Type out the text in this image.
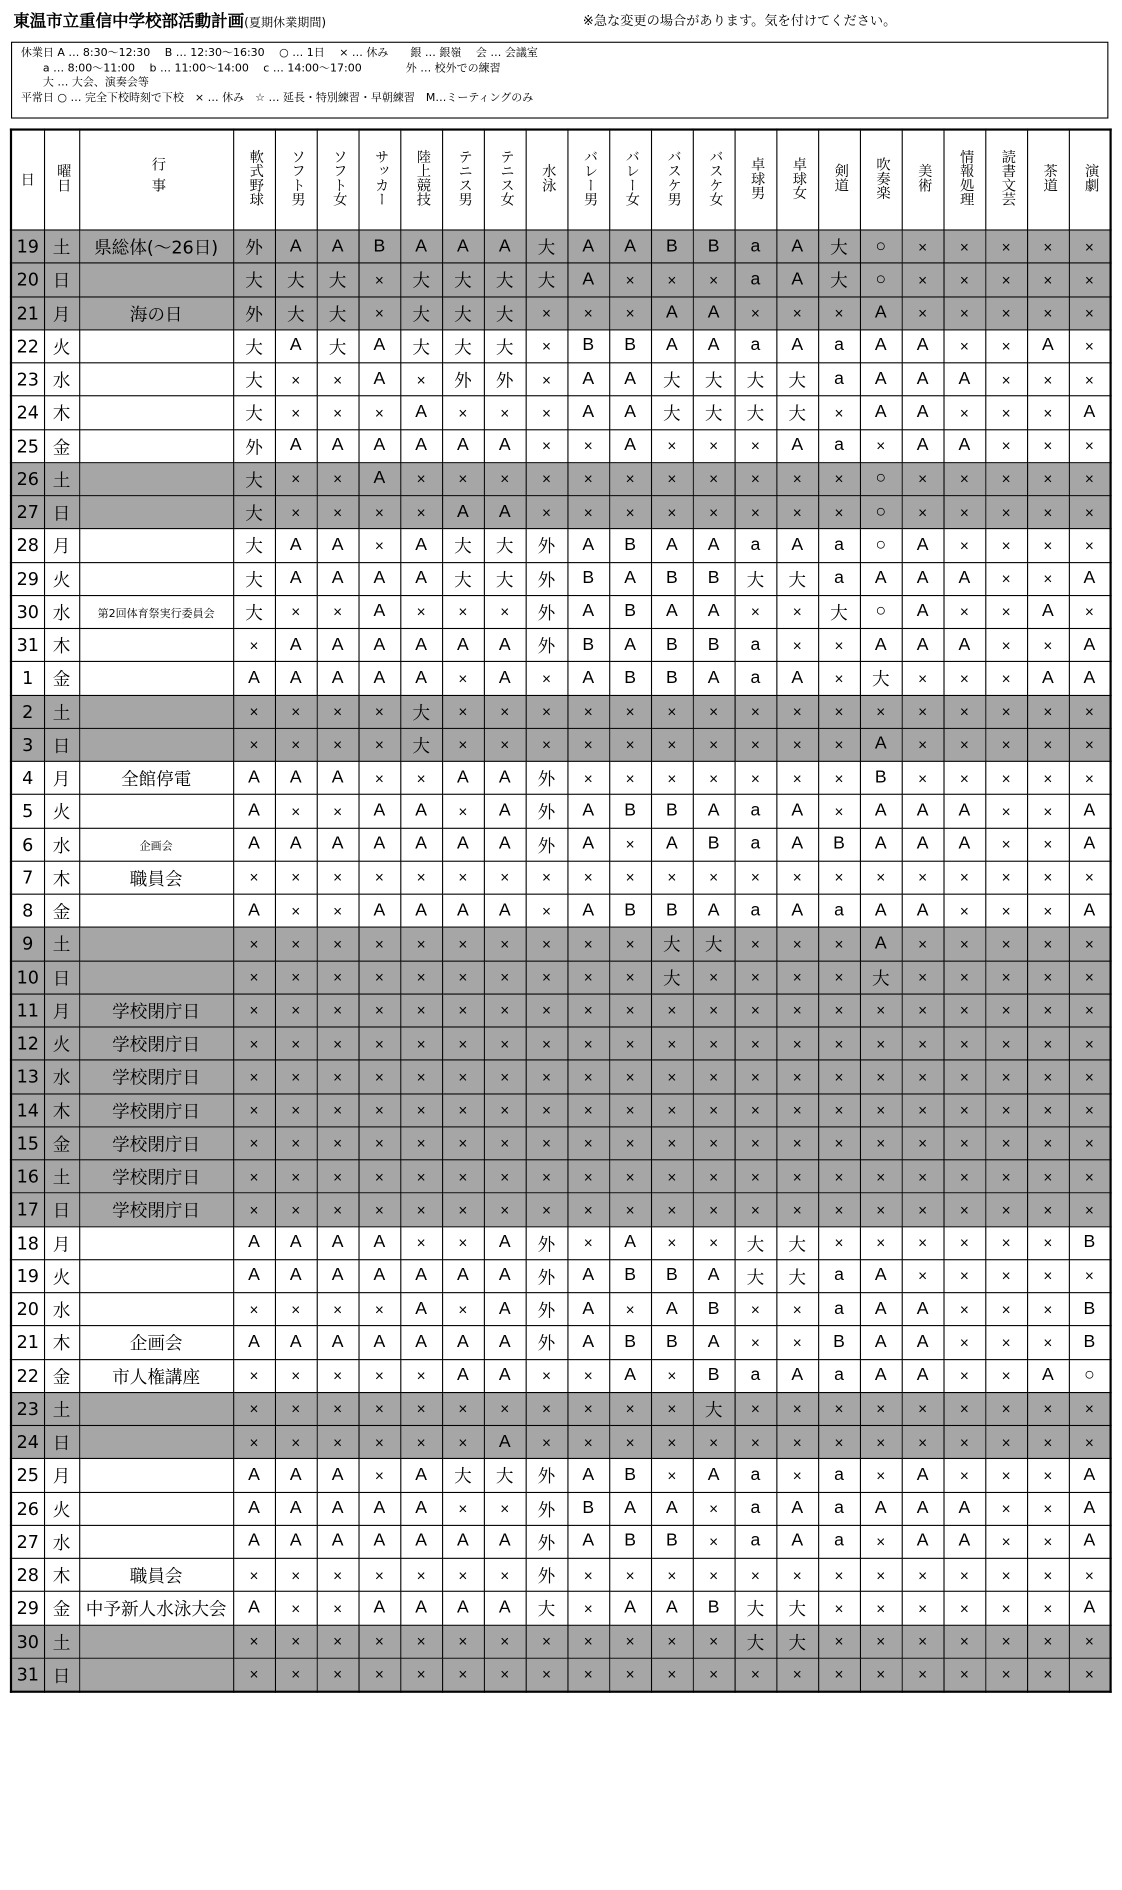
東温市立重信中学校部活動計画(夏期休業期間)	※急な変更の場合があります。気を付けてください。
休業日 A … 8:30～12:30　 B … 12:30～16:30　 ○ … 1日　 × … 休み　　銀 … 銀嶺　 会 … 会議室
　　a … 8:00～11:00　 b … 11:00～14:00　 c … 14:00～17:00　　　　外 … 校外での練習
　　大 … 大会、演奏会等
平常日 ○ … 完全下校時刻で下校　× … 休み　☆ … 延長・特別練習・早朝練習　M…ミーティングのみ
日	曜日	行事	軟式野球	ソフト男	ソフト女	サッカー	陸上競技	テニス男	テニス女	水泳	バレー男	バレー女	バスケ男	バスケ女	卓球男	卓球女	剣道	吹奏楽	美術	情報処理	読書文芸	茶道	演劇
19	土	県総体(～26日)	外	A	A	B	A	A	A	大	A	A	B	B	a	A	大	○	×	×	×	×	×
20	日		大	大	大	×	大	大	大	大	A	×	×	×	a	A	大	○	×	×	×	×	×
21	月	海の日	外	大	大	×	大	大	大	×	×	×	A	A	×	×	×	A	×	×	×	×	×
22	火		大	A	大	A	大	大	大	×	B	B	A	A	a	A	a	A	A	×	×	A	×
23	水		大	×	×	A	×	外	外	×	A	A	大	大	大	大	a	A	A	A	×	×	×
24	木		大	×	×	×	A	×	×	×	A	A	大	大	大	大	×	A	A	×	×	×	A
25	金		外	A	A	A	A	A	A	×	×	A	×	×	×	A	a	×	A	A	×	×	×
26	土		大	×	×	A	×	×	×	×	×	×	×	×	×	×	×	○	×	×	×	×	×
27	日		大	×	×	×	×	A	A	×	×	×	×	×	×	×	×	○	×	×	×	×	×
28	月		大	A	A	×	A	大	大	外	A	B	A	A	a	A	a	○	A	×	×	×	×
29	火		大	A	A	A	A	大	大	外	B	A	B	B	大	大	a	A	A	A	×	×	A
30	水	第2回体育祭実行委員会	大	×	×	A	×	×	×	外	A	B	A	A	×	×	大	○	A	×	×	A	×
31	木		×	A	A	A	A	A	A	外	B	A	B	B	a	×	×	A	A	A	×	×	A
1	金		A	A	A	A	A	×	A	×	A	B	B	A	a	A	×	大	×	×	×	A	A
2	土		×	×	×	×	大	×	×	×	×	×	×	×	×	×	×	×	×	×	×	×	×
3	日		×	×	×	×	大	×	×	×	×	×	×	×	×	×	×	A	×	×	×	×	×
4	月	全館停電	A	A	A	×	×	A	A	外	×	×	×	×	×	×	×	B	×	×	×	×	×
5	火		A	×	×	A	A	×	A	外	A	B	B	A	a	A	×	A	A	A	×	×	A
6	水	企画会	A	A	A	A	A	A	A	外	A	×	A	B	a	A	B	A	A	A	×	×	A
7	木	職員会	×	×	×	×	×	×	×	×	×	×	×	×	×	×	×	×	×	×	×	×	×
8	金		A	×	×	A	A	A	A	×	A	B	B	A	a	A	a	A	A	×	×	×	A
9	土		×	×	×	×	×	×	×	×	×	×	大	大	×	×	×	A	×	×	×	×	×
10	日		×	×	×	×	×	×	×	×	×	×	大	×	×	×	×	大	×	×	×	×	×
11	月	学校閉庁日	×	×	×	×	×	×	×	×	×	×	×	×	×	×	×	×	×	×	×	×	×
12	火	学校閉庁日	×	×	×	×	×	×	×	×	×	×	×	×	×	×	×	×	×	×	×	×	×
13	水	学校閉庁日	×	×	×	×	×	×	×	×	×	×	×	×	×	×	×	×	×	×	×	×	×
14	木	学校閉庁日	×	×	×	×	×	×	×	×	×	×	×	×	×	×	×	×	×	×	×	×	×
15	金	学校閉庁日	×	×	×	×	×	×	×	×	×	×	×	×	×	×	×	×	×	×	×	×	×
16	土	学校閉庁日	×	×	×	×	×	×	×	×	×	×	×	×	×	×	×	×	×	×	×	×	×
17	日	学校閉庁日	×	×	×	×	×	×	×	×	×	×	×	×	×	×	×	×	×	×	×	×	×
18	月		A	A	A	A	×	×	A	外	×	A	×	×	大	大	×	×	×	×	×	×	B
19	火		A	A	A	A	A	A	A	外	A	B	B	A	大	大	a	A	×	×	×	×	×
20	水		×	×	×	×	A	×	A	外	A	×	A	B	×	×	a	A	A	×	×	×	B
21	木	企画会	A	A	A	A	A	A	A	外	A	B	B	A	×	×	B	A	A	×	×	×	B
22	金	市人権講座	×	×	×	×	×	A	A	×	×	A	×	B	a	A	a	A	A	×	×	A	○
23	土		×	×	×	×	×	×	×	×	×	×	×	大	×	×	×	×	×	×	×	×	×
24	日		×	×	×	×	×	×	A	×	×	×	×	×	×	×	×	×	×	×	×	×	×
25	月		A	A	A	×	A	大	大	外	A	B	×	A	a	×	a	×	A	×	×	×	A
26	火		A	A	A	A	A	×	×	外	B	A	A	×	a	A	a	A	A	A	×	×	A
27	水		A	A	A	A	A	A	A	外	A	B	B	×	a	A	a	×	A	A	×	×	A
28	木	職員会	×	×	×	×	×	×	×	外	×	×	×	×	×	×	×	×	×	×	×	×	×
29	金	中予新人水泳大会	A	×	×	A	A	A	A	大	×	A	A	B	大	大	×	×	×	×	×	×	A
30	土		×	×	×	×	×	×	×	×	×	×	×	×	大	大	×	×	×	×	×	×	×
31	日		×	×	×	×	×	×	×	×	×	×	×	×	×	×	×	×	×	×	×	×	×
